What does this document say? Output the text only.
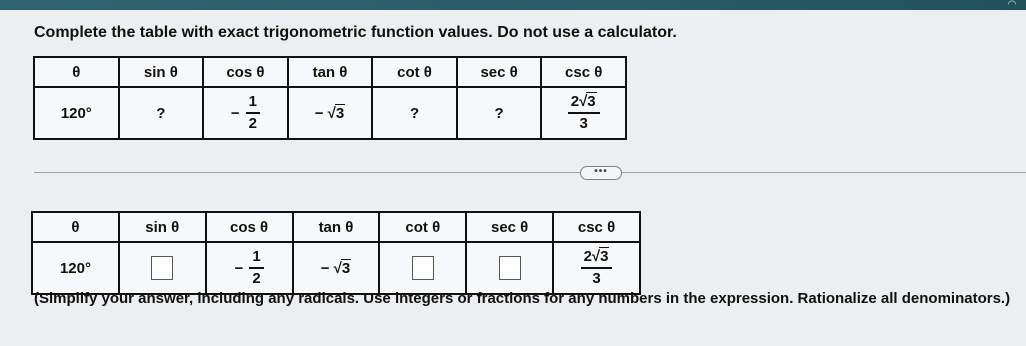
◠
Complete the table with exact trigonometric function values. Do not use a calculator.
θ	sin θ	cos θ	tan θ	cot θ	sec θ	csc θ
120°	?	− $\frac{1}{2}$	− √3	?	?	$\frac{2√3}{3}$
•••
θ	sin θ	cos θ	tan θ	cot θ	sec θ	csc θ
120°		− $\frac{1}{2}$	− √3			$\frac{2√3}{3}$
(Simplify your answer, including any radicals. Use integers or fractions for any numbers in the expression. Rationalize all denominators.)
